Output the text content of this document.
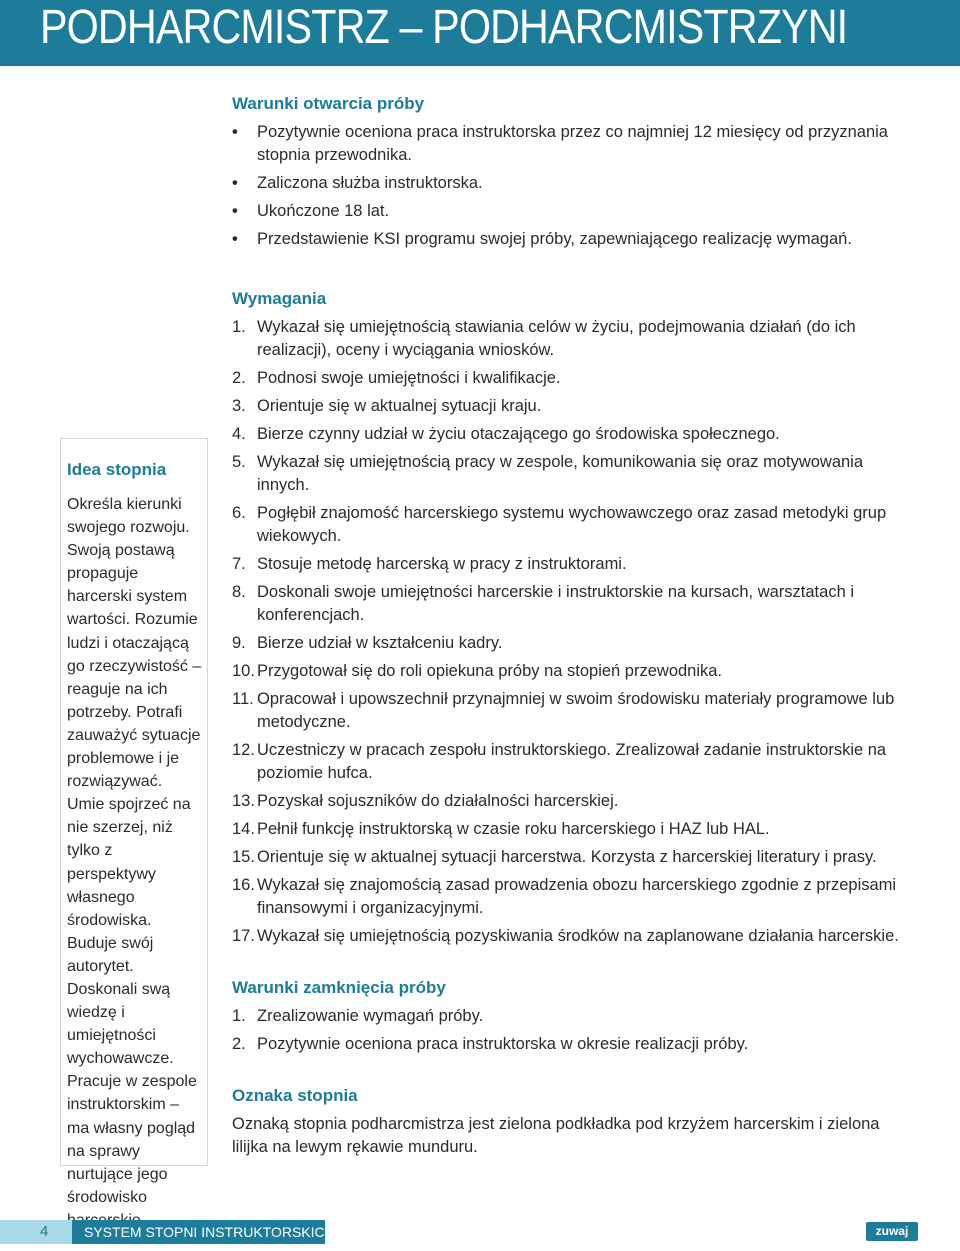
PODHARCMISTRZ – PODHARCMISTRZYNI
Warunki otwarcia próby
• Pozytywnie oceniona praca instruktorska przez co najmniej 12 miesięcy od przyznania stopnia przewodnika.
• Zaliczona służba instruktorska.
• Ukończone 18 lat.
• Przedstawienie KSI programu swojej próby, zapewniającego realizację wymagań.
Wymagania
1. Wykazał się umiejętnością stawiania celów w życiu, podejmowania działań (do ich realizacji), oceny i wyciągania wniosków.
2. Podnosi swoje umiejętności i kwalifikacje.
3. Orientuje się w aktualnej sytuacji kraju.
4. Bierze czynny udział w życiu otaczającego go środowiska społecznego.
5. Wykazał się umiejętnością pracy w zespole, komunikowania się oraz motywowania innych.
6. Pogłębił znajomość harcerskiego systemu wychowawczego oraz zasad metodyki grup wiekowych.
7. Stosuje metodę harcerską w pracy z instruktorami.
8. Doskonali swoje umiejętności harcerskie i instruktorskie na kursach, warsztatach i konferencjach.
9. Bierze udział w kształceniu kadry.
10. Przygotował się do roli opiekuna próby na stopień przewodnika.
11. Opracował i upowszechnił przynajmniej w swoim środowisku materiały programowe lub metodyczne.
12. Uczestniczy w pracach zespołu instruktorskiego. Zrealizował zadanie instruktorskie na poziomie hufca.
13. Pozyskał sojuszników do działalności harcerskiej.
14. Pełnił funkcję instruktorską w czasie roku harcerskiego i HAZ lub HAL.
15. Orientuje się w aktualnej sytuacji harcerstwa. Korzysta z harcerskiej literatury i prasy.
16. Wykazał się znajomością zasad prowadzenia obozu harcerskiego zgodnie z przepisami finansowymi i organizacyjnymi.
17. Wykazał się umiejętnością pozyskiwania środków na zaplanowane działania harcerskie.
Warunki zamknięcia próby
1. Zrealizowanie wymagań próby.
2. Pozytywnie oceniona praca instruktorska w okresie realizacji próby.
Oznaka stopnia

Oznaką stopnia podharcmistrza jest zielona podkładka pod krzyżem harcerskim i zielona lilijka na lewym rękawie munduru.

Idea stopnia

Określa kierunki swojego rozwoju. Swoją postawą propaguje harcerski system wartości. Rozumie ludzi i otaczającą go rzeczywistość – reaguje na ich potrzeby. Potrafi zauważyć sytuacje problemowe i je rozwiązywać. Umie spojrzeć na nie szerzej, niż tylko z perspektywy własnego środowiska. Buduje swój autorytet. Doskonali swą wiedzę i umiejętności wychowawcze. Pracuje w zespole instruktorskim – ma własny pogląd na sprawy nurtujące jego środowisko

4	SYSTEM STOPNI INSTRUKTORSKICH	zuwaj
